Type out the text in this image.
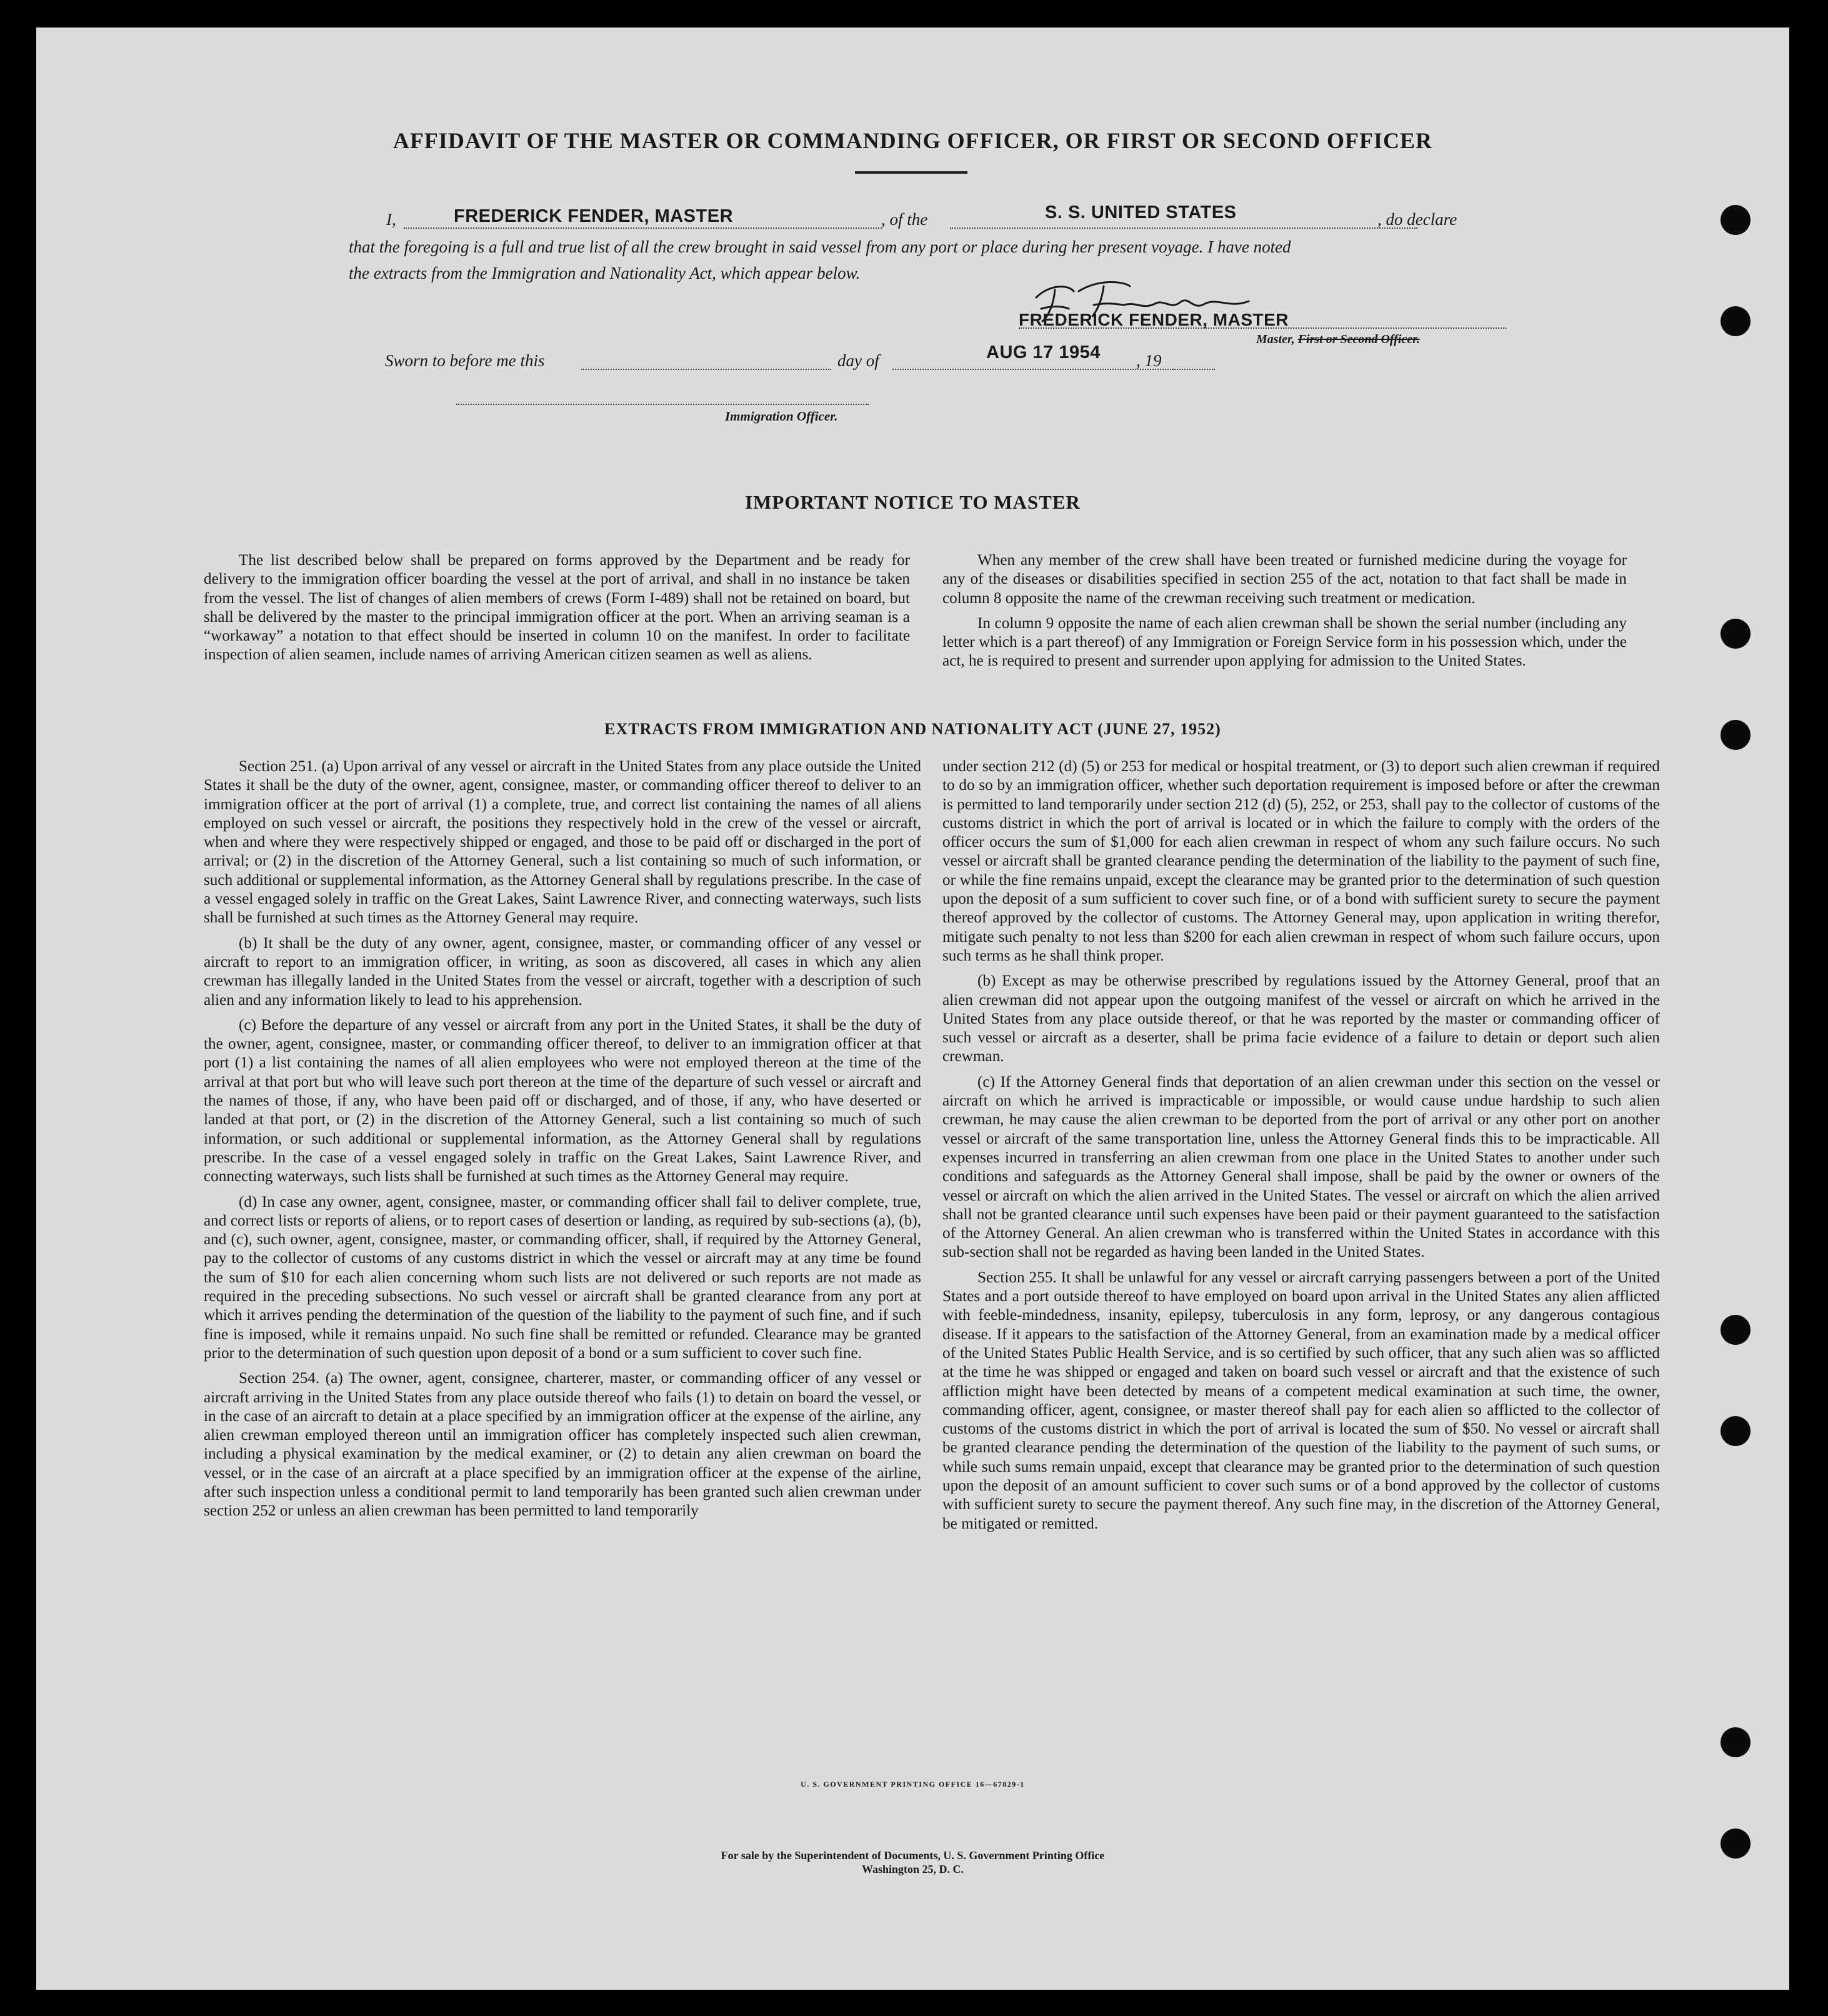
AFFIDAVIT OF THE MASTER OR COMMANDING OFFICER, OR FIRST OR SECOND OFFICER
I,	FREDERICK FENDER, MASTER	, of the	S. S. UNITED STATES	, do declare
that the foregoing is a full and true list of all the crew brought in said vessel from any port or place during her present voyage. I have noted
the extracts from the Immigration and Nationality Act, which appear below.
FREDERICK FENDER, MASTER
Master, First or Second Officer.
Sworn to before me this	day of	AUG 17 1954 , 19
Immigration Officer.
IMPORTANT NOTICE TO MASTER

The list described below shall be prepared on forms approved by the Department and be ready for delivery to the immigration officer boarding the vessel at the port of arrival, and shall in no instance be taken from the vessel. The list of changes of alien members of crews (Form I-489) shall not be retained on board, but shall be delivered by the master to the principal immigration officer at the port. When an arriving seaman is a “workaway” a notation to that effect should be inserted in column 10 on the manifest. In order to facilitate inspection of alien seamen, include names of arriving American citizen seamen as well as aliens.

When any member of the crew shall have been treated or furnished medicine during the voyage for any of the diseases or disabilities specified in section 255 of the act, notation to that fact shall be made in column 8 opposite the name of the crewman receiving such treatment or medication.

In column 9 opposite the name of each alien crewman shall be shown the serial number (including any letter which is a part thereof) of any Immigration or Foreign Service form in his possession which, under the act, he is required to present and surrender upon applying for admission to the United States.

EXTRACTS FROM IMMIGRATION AND NATIONALITY ACT (JUNE 27, 1952)

Section 251. (a) Upon arrival of any vessel or aircraft in the United States from any place outside the United States it shall be the duty of the owner, agent, consignee, master, or commanding officer thereof to deliver to an immigration officer at the port of arrival (1) a complete, true, and correct list containing the names of all aliens employed on such vessel or aircraft, the positions they respectively hold in the crew of the vessel or aircraft, when and where they were respectively shipped or engaged, and those to be paid off or discharged in the port of arrival; or (2) in the discretion of the Attorney General, such a list containing so much of such information, or such additional or supplemental information, as the Attorney General shall by regulations prescribe. In the case of a vessel engaged solely in traffic on the Great Lakes, Saint Lawrence River, and connecting waterways, such lists shall be furnished at such times as the Attorney General may require.

(b) It shall be the duty of any owner, agent, consignee, master, or commanding officer of any vessel or aircraft to report to an immigration officer, in writing, as soon as discovered, all cases in which any alien crewman has illegally landed in the United States from the vessel or aircraft, together with a description of such alien and any information likely to lead to his apprehension.

(c) Before the departure of any vessel or aircraft from any port in the United States, it shall be the duty of the owner, agent, consignee, master, or commanding officer thereof, to deliver to an immigration officer at that port (1) a list containing the names of all alien employees who were not employed thereon at the time of the arrival at that port but who will leave such port thereon at the time of the departure of such vessel or aircraft and the names of those, if any, who have been paid off or discharged, and of those, if any, who have deserted or landed at that port, or (2) in the discretion of the Attorney General, such a list containing so much of such information, or such additional or supplemental information, as the Attorney General shall by regulations prescribe. In the case of a vessel engaged solely in traffic on the Great Lakes, Saint Lawrence River, and connecting waterways, such lists shall be furnished at such times as the Attorney General may require.

(d) In case any owner, agent, consignee, master, or commanding officer shall fail to deliver complete, true, and correct lists or reports of aliens, or to report cases of desertion or landing, as required by sub-sections (a), (b), and (c), such owner, agent, consignee, master, or commanding officer, shall, if required by the Attorney General, pay to the collector of customs of any customs district in which the vessel or aircraft may at any time be found the sum of $10 for each alien concerning whom such lists are not delivered or such reports are not made as required in the preceding subsections. No such vessel or aircraft shall be granted clearance from any port at which it arrives pending the determination of the question of the liability to the payment of such fine, and if such fine is imposed, while it remains unpaid. No such fine shall be remitted or refunded. Clearance may be granted prior to the determination of such question upon deposit of a bond or a sum sufficient to cover such fine.

Section 254. (a) The owner, agent, consignee, charterer, master, or commanding officer of any vessel or aircraft arriving in the United States from any place outside thereof who fails (1) to detain on board the vessel, or in the case of an aircraft to detain at a place specified by an immigration officer at the expense of the airline, any alien crewman employed thereon until an immigration officer has completely inspected such alien crewman, including a physical examination by the medical examiner, or (2) to detain any alien crewman on board the vessel, or in the case of an aircraft at a place specified by an immigration officer at the expense of the airline, after such inspection unless a conditional permit to land temporarily has been granted such alien crewman under section 252 or unless an alien crewman has been permitted to land temporarily

under section 212 (d) (5) or 253 for medical or hospital treatment, or (3) to deport such alien crewman if required to do so by an immigration officer, whether such deportation requirement is imposed before or after the crewman is permitted to land temporarily under section 212 (d) (5), 252, or 253, shall pay to the collector of customs of the customs district in which the port of arrival is located or in which the failure to comply with the orders of the officer occurs the sum of $1,000 for each alien crewman in respect of whom any such failure occurs. No such vessel or aircraft shall be granted clearance pending the determination of the liability to the payment of such fine, or while the fine remains unpaid, except the clearance may be granted prior to the determination of such question upon the deposit of a sum sufficient to cover such fine, or of a bond with sufficient surety to secure the payment thereof approved by the collector of customs. The Attorney General may, upon application in writing therefor, mitigate such penalty to not less than $200 for each alien crewman in respect of whom such failure occurs, upon such terms as he shall think proper.

(b) Except as may be otherwise prescribed by regulations issued by the Attorney General, proof that an alien crewman did not appear upon the outgoing manifest of the vessel or aircraft on which he arrived in the United States from any place outside thereof, or that he was reported by the master or commanding officer of such vessel or aircraft as a deserter, shall be prima facie evidence of a failure to detain or deport such alien crewman.

(c) If the Attorney General finds that deportation of an alien crewman under this section on the vessel or aircraft on which he arrived is impracticable or impossible, or would cause undue hardship to such alien crewman, he may cause the alien crewman to be deported from the port of arrival or any other port on another vessel or aircraft of the same transportation line, unless the Attorney General finds this to be impracticable. All expenses incurred in transferring an alien crewman from one place in the United States to another under such conditions and safeguards as the Attorney General shall impose, shall be paid by the owner or owners of the vessel or aircraft on which the alien arrived in the United States. The vessel or aircraft on which the alien arrived shall not be granted clearance until such expenses have been paid or their payment guaranteed to the satisfaction of the Attorney General. An alien crewman who is transferred within the United States in accordance with this sub-section shall not be regarded as having been landed in the United States.

Section 255. It shall be unlawful for any vessel or aircraft carrying passengers between a port of the United States and a port outside thereof to have employed on board upon arrival in the United States any alien afflicted with feeble-mindedness, insanity, epilepsy, tuberculosis in any form, leprosy, or any dangerous contagious disease. If it appears to the satisfaction of the Attorney General, from an examination made by a medical officer of the United States Public Health Service, and is so certified by such officer, that any such alien was so afflicted at the time he was shipped or engaged and taken on board such vessel or aircraft and that the existence of such affliction might have been detected by means of a competent medical examination at such time, the owner, commanding officer, agent, consignee, or master thereof shall pay for each alien so afflicted to the collector of customs of the customs district in which the port of arrival is located the sum of $50. No vessel or aircraft shall be granted clearance pending the determination of the question of the liability to the payment of such sums, or while such sums remain unpaid, except that clearance may be granted prior to the determination of such question upon the deposit of an amount sufficient to cover such sums or of a bond approved by the collector of customs with sufficient surety to secure the payment thereof. Any such fine may, in the discretion of the Attorney General, be mitigated or remitted.

U. S. GOVERNMENT PRINTING OFFICE 16—67829-1
For sale by the Superintendent of Documents, U. S. Government Printing Office
Washington 25, D. C.
